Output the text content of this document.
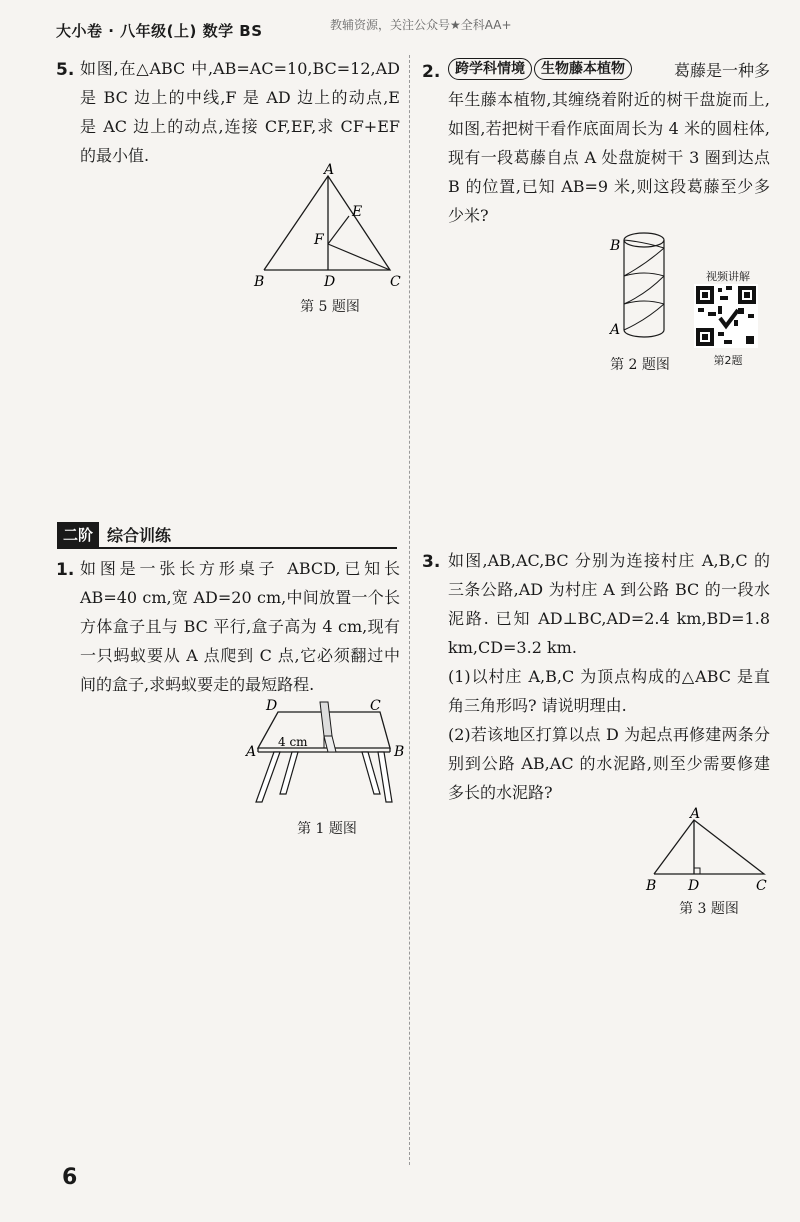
大小卷 · 八年级(上) 数学 BS	教辅资源，关注公众号★全科AA+
5. 如图,在△ABC 中,AB=AC=10,BC=12,AD 是 BC 边上的中线,F 是 AD 边上的动点,E 是 AC 边上的动点,连接 CF,EF,求 CF+EF 的最小值.
A
B	D	C
E
F
第 5 题图
2.	跨学科情境 生物藤本植物	葛藤是一种多年生藤本植物,其缠绕着附近的树干盘旋而上,如图,若把树干看作底面周长为 4 米的圆柱体,现有一段葛藤自点 A 处盘旋树干 3 圈到达点 B 的位置,已知 AB=9 米,则这段葛藤至少多少米?
B
A
第 2 题图
视频讲解
第2题
二阶 综合训练
1. 如图是一张长方形桌子 ABCD,已知长 AB=40 cm,宽 AD=20 cm,中间放置一个长方体盒子且与 BC 平行,盒子高为 4 cm,现有一只蚂蚁要从 A 点爬到 C 点,它必须翻过中间的盒子,求蚂蚁要走的最短路程.
D	C
A	B
4 cm
第 1 题图
3. 如图,AB,AC,BC 分别为连接村庄 A,B,C 的三条公路,AD 为村庄 A 到公路 BC 的一段水泥路. 已知 AD⊥BC,AD=2.4 km,BD=1.8 km,CD=3.2 km.
(1)以村庄 A,B,C 为顶点构成的△ABC 是直角三角形吗? 请说明理由.
(2)若该地区打算以点 D 为起点再修建两条分别到公路 AB,AC 的水泥路,则至少需要修建多长的水泥路?
A
B D	C
第 3 题图
6
